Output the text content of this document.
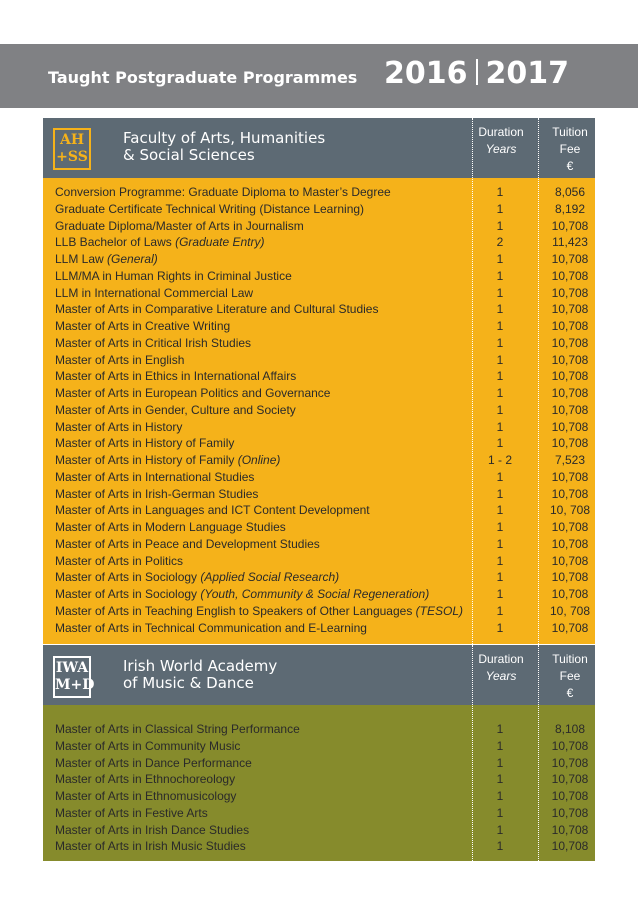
Taught Postgraduate Programmes 2016 2017
AH
+SS
Faculty of Arts, Humanities
& Social Sciences
Duration
Years
Tuition
Fee
€
Conversion Programme: Graduate Diploma to Master’s Degree	1	8,056
Graduate Certificate Technical Writing (Distance Learning)	1	8,192
Graduate Diploma/Master of Arts in Journalism	1	10,708
LLB Bachelor of Laws (Graduate Entry)	2	11,423
LLM Law (General)	1	10,708
LLM/MA in Human Rights in Criminal Justice	1	10,708
LLM in International Commercial Law	1	10,708
Master of Arts in Comparative Literature and Cultural Studies	1	10,708
Master of Arts in Creative Writing	1	10,708
Master of Arts in Critical Irish Studies	1	10,708
Master of Arts in English	1	10,708
Master of Arts in Ethics in International Affairs	1	10,708
Master of Arts in European Politics and Governance	1	10,708
Master of Arts in Gender, Culture and Society	1	10,708
Master of Arts in History	1	10,708
Master of Arts in History of Family	1	10,708
Master of Arts in History of Family (Online)	1 - 2	7,523
Master of Arts in International Studies	1	10,708
Master of Arts in Irish-German Studies	1	10,708
Master of Arts in Languages and ICT Content Development	1	10, 708
Master of Arts in Modern Language Studies	1	10,708
Master of Arts in Peace and Development Studies	1	10,708
Master of Arts in Politics	1	10,708
Master of Arts in Sociology (Applied Social Research)	1	10,708
Master of Arts in Sociology (Youth, Community & Social Regeneration)	1	10,708
Master of Arts in Teaching English to Speakers of Other Languages (TESOL)	1	10, 708
Master of Arts in Technical Communication and E-Learning	1	10,708
IWA
M+D
Irish World Academy
of Music & Dance
Duration
Years
Tuition
Fee
€
Master of Arts in Classical String Performance	1	8,108
Master of Arts in Community Music	1	10,708
Master of Arts in Dance Performance	1	10,708
Master of Arts in Ethnochoreology	1	10,708
Master of Arts in Ethnomusicology	1	10,708
Master of Arts in Festive Arts	1	10,708
Master of Arts in Irish Dance Studies	1	10,708
Master of Arts in Irish Music Studies	1	10,708
